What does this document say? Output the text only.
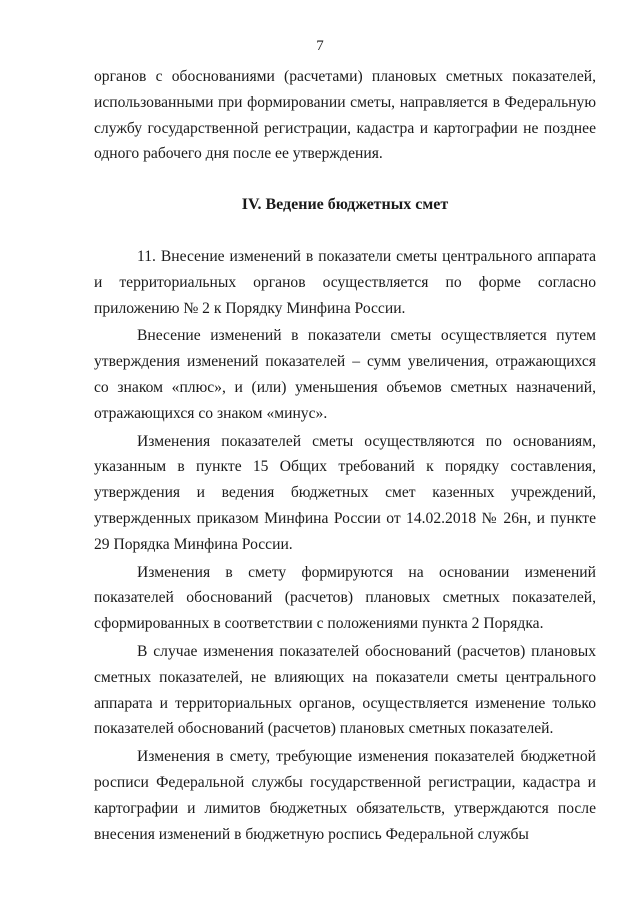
7

органов с обоснованиями (расчетами) плановых сметных показателей, использованными при формировании сметы, направляется в Федеральную службу государственной регистрации, кадастра и картографии не позднее одного рабочего дня после ее утверждения.

IV. Ведение бюджетных смет

11. Внесение изменений в показатели сметы центрального аппарата и территориальных органов осуществляется по форме согласно приложению № 2 к Порядку Минфина России.

Внесение изменений в показатели сметы осуществляется путем утверждения изменений показателей – сумм увеличения, отражающихся со знаком «плюс», и (или) уменьшения объемов сметных назначений, отражающихся со знаком «минус».

Изменения показателей сметы осуществляются по основаниям, указанным в пункте 15 Общих требований к порядку составления, утверждения и ведения бюджетных смет казенных учреждений, утвержденных приказом Минфина России от 14.02.2018 № 26н, и пункте 29 Порядка Минфина России.

Изменения в смету формируются на основании изменений показателей обоснований (расчетов) плановых сметных показателей, сформированных в соответствии с положениями пункта 2 Порядка.

В случае изменения показателей обоснований (расчетов) плановых сметных показателей, не влияющих на показатели сметы центрального аппарата и территориальных органов, осуществляется изменение только показателей обоснований (расчетов) плановых сметных показателей.

Изменения в смету, требующие изменения показателей бюджетной росписи Федеральной службы государственной регистрации, кадастра и картографии и лимитов бюджетных обязательств, утверждаются после внесения изменений в бюджетную роспись Федеральной службы
